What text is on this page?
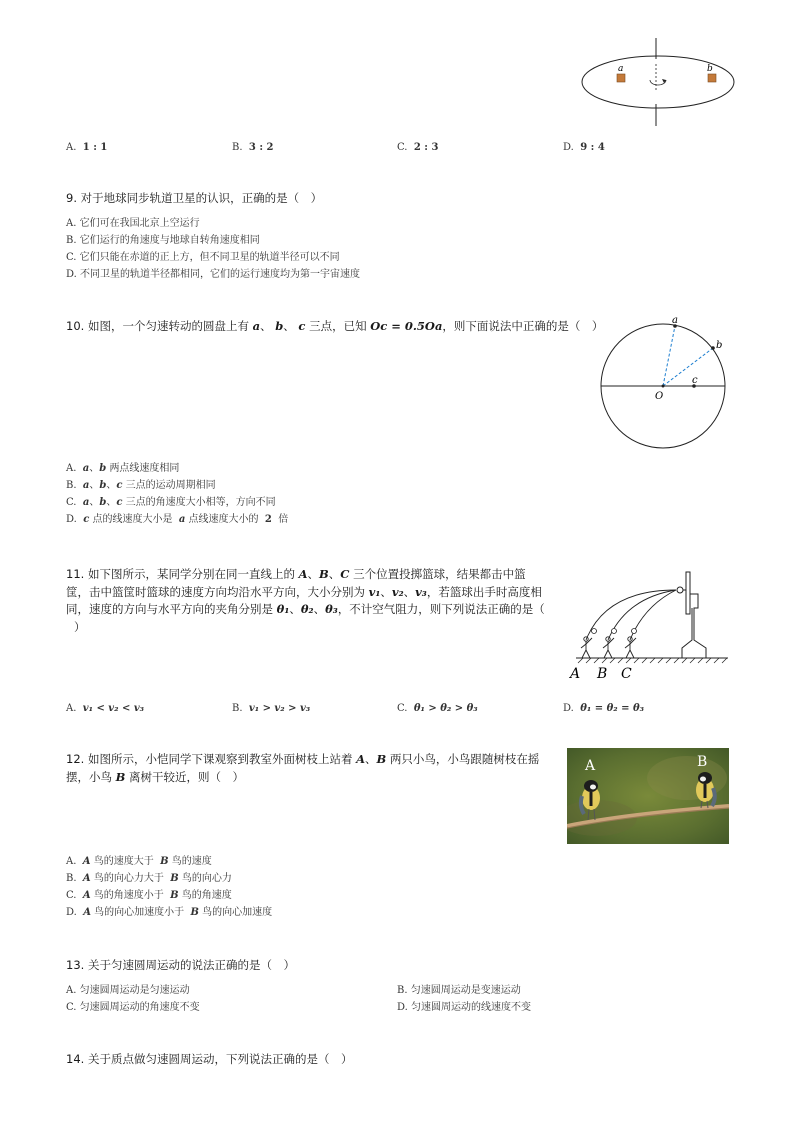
a	b
A. 1 : 1	B. 3 : 2	C. 2 : 3	D. 9 : 4
9. 对于地球同步轨道卫星的认识，正确的是（　）
A. 它们可在我国北京上空运行
B. 它们运行的角速度与地球自转角速度相同
C. 它们只能在赤道的正上方，但不同卫星的轨道半径可以不同
D. 不同卫星的轨道半径都相同，它们的运行速度均为第一宇宙速度
10. 如图，一个匀速转动的圆盘上有 a、 b、 c 三点，已知 Oc = 0.5Oa，则下面说法中正确的是（　）	a
b
c
O
A. a、b 两点线速度相同
B. a、b、c 三点的运动周期相同
C. a、b、c 三点的角速度大小相等，方向不同
D. c 点的线速度大小是 a 点线速度大小的 2 倍
11. 如下图所示，某同学分别在同一直线上的 A、B、C 三个位置投掷篮球，结果都击中篮
筐，击中篮筐时篮球的速度方向均沿水平方向，大小分别为 v₁、v₂、v₃，若篮球出手时高度相
同，速度的方向与水平方向的夹角分别是 θ₁、θ₂、θ₃，不计空气阻力，则下列说法正确的是（
）
A B C
A. v₁ < v₂ < v₃	B. v₁ > v₂ > v₃	C. θ₁ > θ₂ > θ₃	D. θ₁ = θ₂ = θ₃
12. 如图所示，小恺同学下课观察到教室外面树枝上站着 A、B 两只小鸟，小鸟跟随树枝在摇
摆，小鸟 B 离树干较近，则（　）
A	B
A. A 鸟的速度大于 B 鸟的速度
B. A 鸟的向心力大于 B 鸟的向心力
C. A 鸟的角速度小于 B 鸟的角速度
D. A 鸟的向心加速度小于 B 鸟的向心加速度
13. 关于匀速圆周运动的说法正确的是（　）
A. 匀速圆周运动是匀速运动	B. 匀速圆周运动是变速运动
C. 匀速圆周运动的角速度不变	D. 匀速圆周运动的线速度不变
14. 关于质点做匀速圆周运动，下列说法正确的是（　）
